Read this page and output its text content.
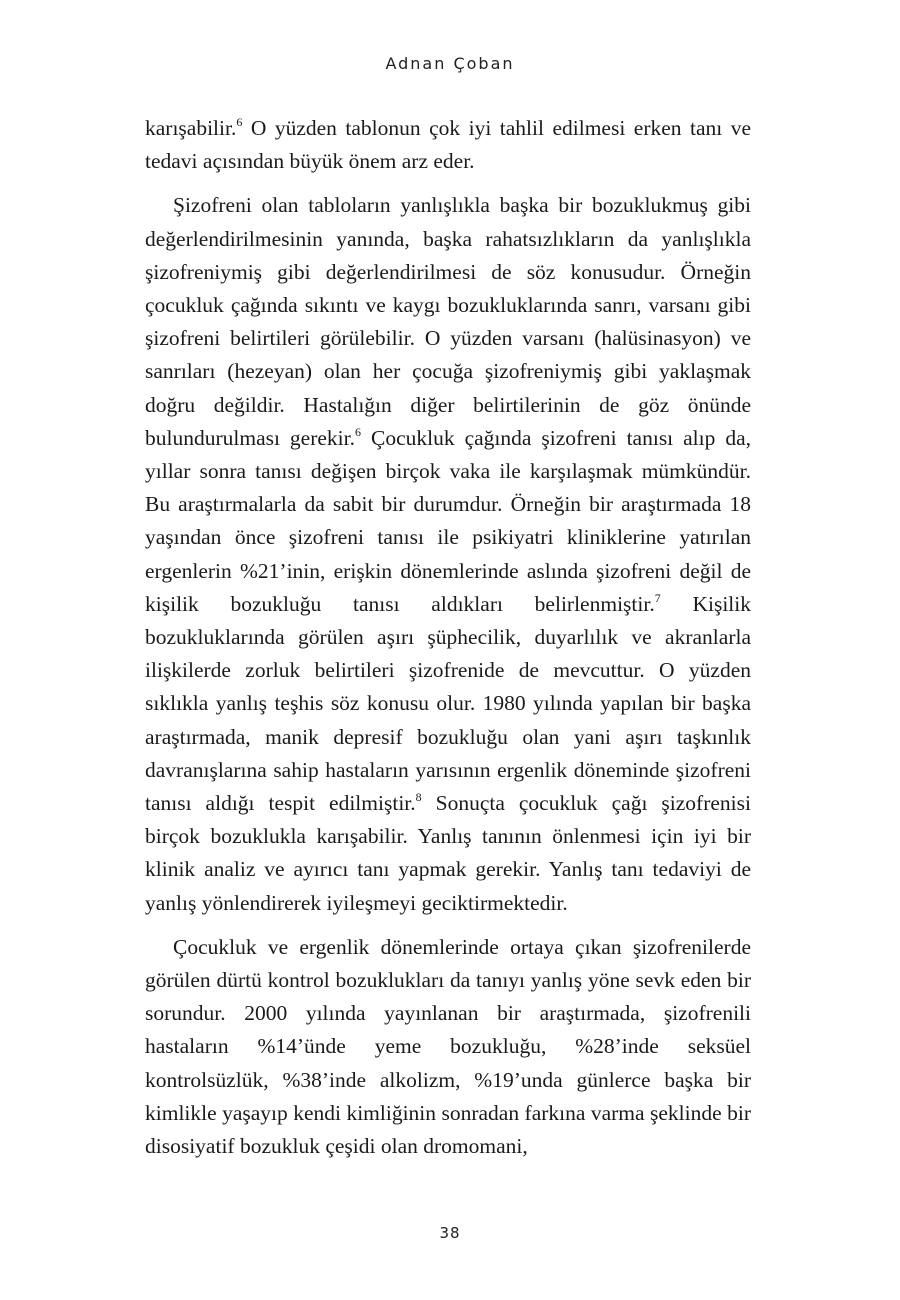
Adnan Çoban

karışabilir.$^6$ O yüzden tablonun çok iyi tahlil edilmesi erken tanı ve tedavi açısından büyük önem arz eder.

Şizofreni olan tabloların yanlışlıkla başka bir bozuklukmuş gibi değerlendirilmesinin yanında, başka rahatsızlıkların da yanlışlıkla şizofreniymiş gibi değerlendirilmesi de söz konusudur. Örneğin çocukluk çağında sıkıntı ve kaygı bozukluklarında sanrı, varsanı gibi şizofreni belirtileri görülebilir. O yüzden varsanı (halüsinasyon) ve sanrıları (hezeyan) olan her çocuğa şizofreniymiş gibi yaklaşmak doğru değildir. Hastalığın diğer belirtilerinin de göz önünde bulundurulması gerekir.$^6$ Çocukluk çağında şizofreni tanısı alıp da, yıllar sonra tanısı değişen birçok vaka ile karşılaşmak mümkündür. Bu araştırmalarla da sabit bir durumdur. Örneğin bir araştırmada 18 yaşından önce şizofreni tanısı ile psikiyatri kliniklerine yatırılan ergenlerin %21’inin, erişkin dönemlerinde aslında şizofreni değil de kişilik bozukluğu tanısı aldıkları belirlenmiştir.$^7$ Kişilik bozukluklarında görülen aşırı şüphecilik, duyarlılık ve akranlarla ilişkilerde zorluk belirtileri şizofrenide de mevcuttur. O yüzden sıklıkla yanlış teşhis söz konusu olur. 1980 yılında yapılan bir başka araştırmada, manik depresif bozukluğu olan yani aşırı taşkınlık davranışlarına sahip hastaların yarısının ergenlik döneminde şizofreni tanısı aldığı tespit edilmiştir.$^8$ Sonuçta çocukluk çağı şizofrenisi birçok bozuklukla karışabilir. Yanlış tanının önlenmesi için iyi bir klinik analiz ve ayırıcı tanı yapmak gerekir. Yanlış tanı tedaviyi de yanlış yönlendirerek iyileşmeyi geciktirmektedir.

Çocukluk ve ergenlik dönemlerinde ortaya çıkan şizofrenilerde görülen dürtü kontrol bozuklukları da tanıyı yanlış yöne sevk eden bir sorundur. 2000 yılında yayınlanan bir araştırmada, şizofrenili hastaların %14’ünde yeme bozukluğu, %28’inde seksüel kontrolsüzlük, %38’inde alkolizm, %19’unda günlerce başka bir kimlikle yaşayıp kendi kimliğinin sonradan farkına varma şeklinde bir disosiyatif bozukluk çeşidi olan dromomani,

38
